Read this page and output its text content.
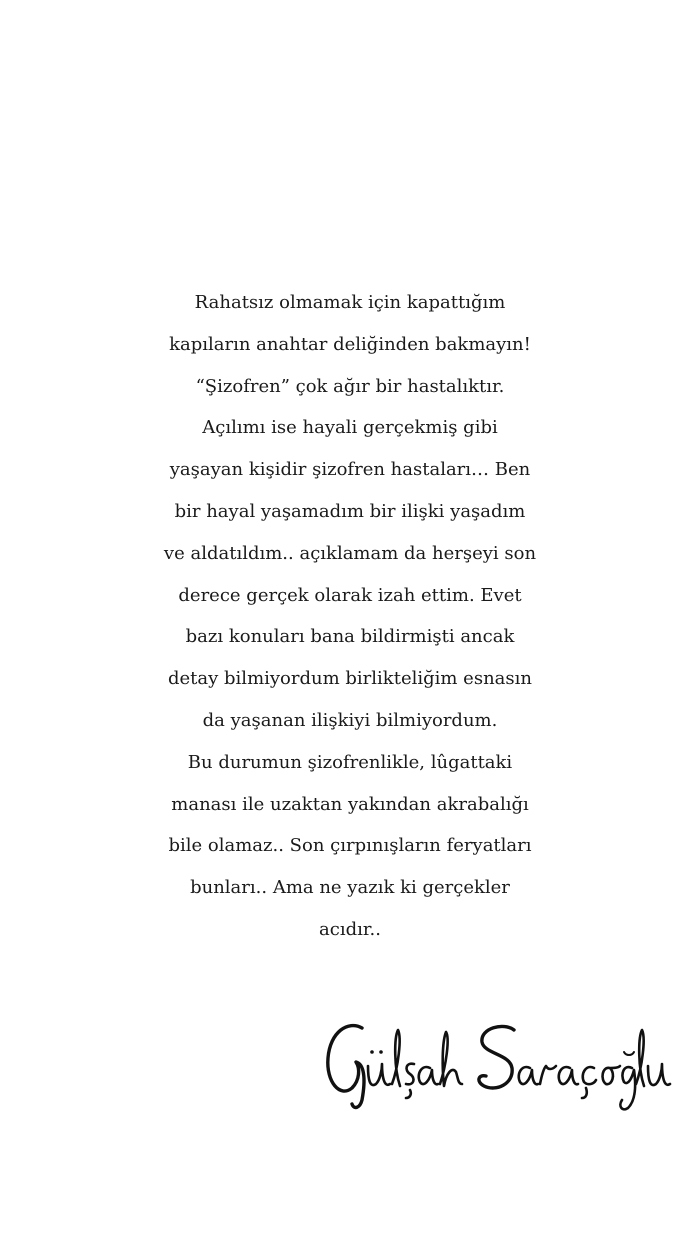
Rahatsız olmamak için kapattığım
kapıların anahtar deliğinden bakmayın!
“Şizofren” çok ağır bir hastalıktır.
Açılımı ise hayali gerçekmiş gibi
yaşayan kişidir şizofren hastaları… Ben
bir hayal yaşamadım bir ilişki yaşadım
ve aldatıldım.. açıklamam da herşeyi son
derece gerçek olarak izah ettim. Evet
bazı konuları bana bildirmişti ancak
detay bilmiyordum birlikteliğim esnasın
da yaşanan ilişkiyi bilmiyordum.
Bu durumun şizofrenlikle, lûgattaki
manası ile uzaktan yakından akrabalığı
bile olamaz.. Son çırpınışların feryatları
bunları.. Ama ne yazık ki gerçekler
acıdır..
